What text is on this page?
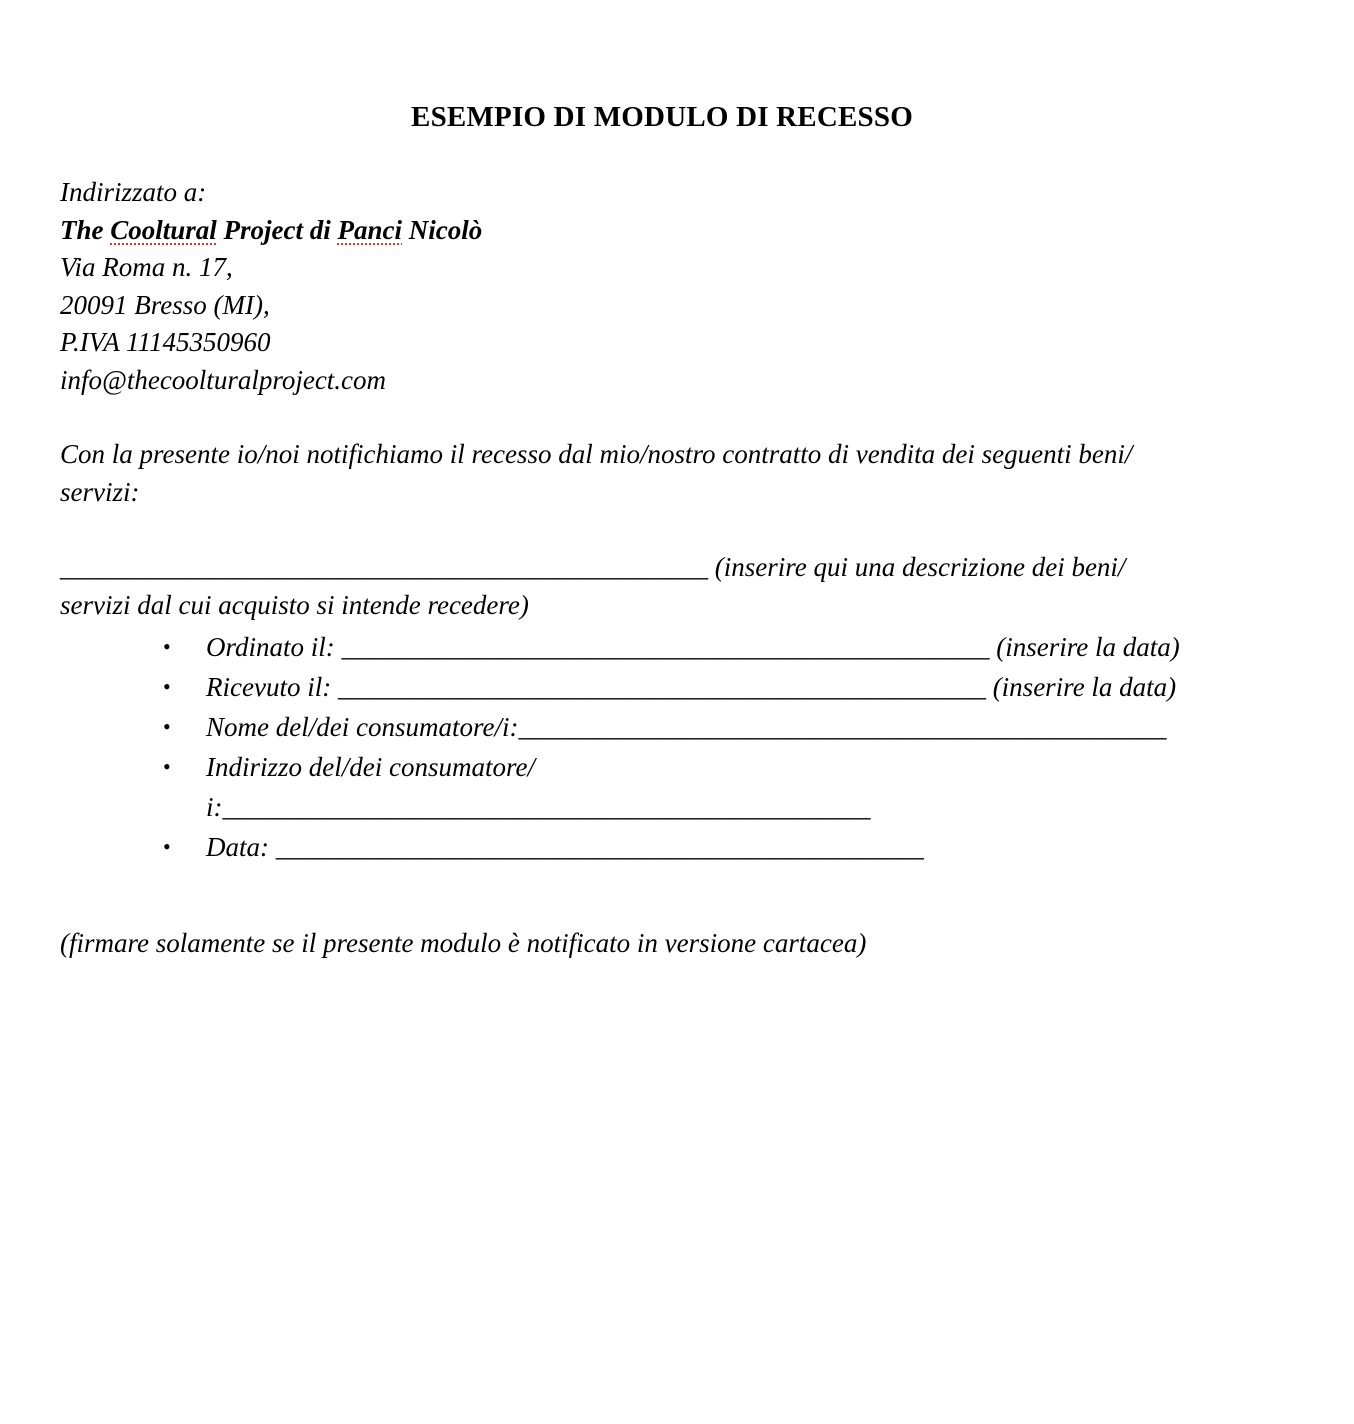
ESEMPIO DI MODULO DI RECESSO
Indirizzato a:
The Cooltural Project di Panci Nicolò
Via Roma n. 17,
20091 Bresso (MI),
P.IVA 11145350960
info@thecoolturalproject.com
Con la presente io/noi notifichiamo il recesso dal mio/nostro contratto di vendita dei seguenti beni/
servizi:
________________________________________________ (inserire qui una descrizione dei beni/
servizi dal cui acquisto si intende recedere)
• Ordinato il: ________________________________________________ (inserire la data)
• Ricevuto il: ________________________________________________ (inserire la data)
• Nome del/dei consumatore/i:________________________________________________
• Indirizzo del/dei consumatore/
i:________________________________________________
• Data: ________________________________________________
(firmare solamente se il presente modulo è notificato in versione cartacea)
